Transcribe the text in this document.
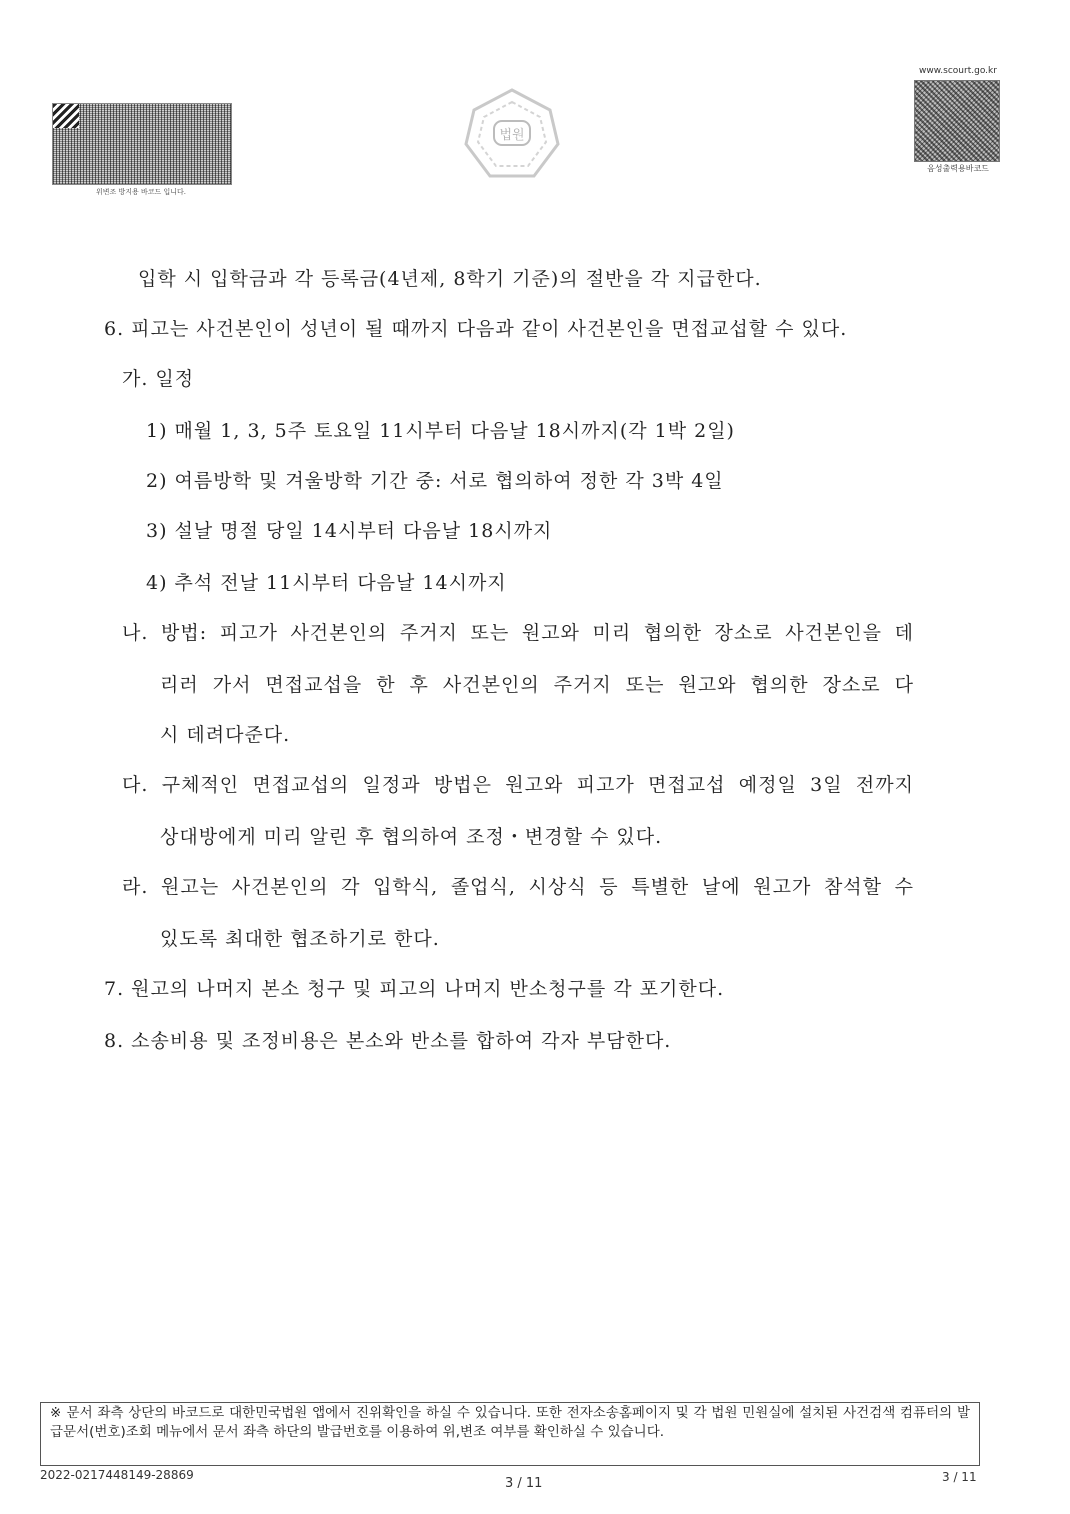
위변조 방지용 바코드 입니다.
법원
www.scourt.go.kr
음성출력용바코드
입학 시 입학금과 각 등록금(4년제, 8학기 기준)의 절반을 각 지급한다.
6. 피고는 사건본인이 성년이 될 때까지 다음과 같이 사건본인을 면접교섭할 수 있다.
가. 일정
1) 매월 1, 3, 5주 토요일 11시부터 다음날 18시까지(각 1박 2일)
2) 여름방학 및 겨울방학 기간 중: 서로 협의하여 정한 각 3박 4일
3) 설날 명절 당일 14시부터 다음날 18시까지
4) 추석 전날 11시부터 다음날 14시까지
나. 방법: 피고가 사건본인의 주거지 또는 원고와 미리 협의한 장소로 사건본인을 데
리러 가서 면접교섭을 한 후 사건본인의 주거지 또는 원고와 협의한 장소로 다
시 데려다준다.
다. 구체적인 면접교섭의 일정과 방법은 원고와 피고가 면접교섭 예정일 3일 전까지
상대방에게 미리 알린 후 협의하여 조정・변경할 수 있다.
라. 원고는 사건본인의 각 입학식, 졸업식, 시상식 등 특별한 날에 원고가 참석할 수
있도록 최대한 협조하기로 한다.
7. 원고의 나머지 본소 청구 및 피고의 나머지 반소청구를 각 포기한다.
8. 소송비용 및 조정비용은 본소와 반소를 합하여 각자 부담한다.
※ 문서 좌측 상단의 바코드로 대한민국법원 앱에서 진위확인을 하실 수 있습니다. 또한 전자소송홈페이지 및 각 법원 민원실에 설치된 사건검색 컴퓨터의 발급문서(번호)조회 메뉴에서 문서 좌측 하단의 발급번호를 이용하여 위,변조 여부를 확인하실 수 있습니다.
2022-0217448149-28869
3 / 11	3 / 11
